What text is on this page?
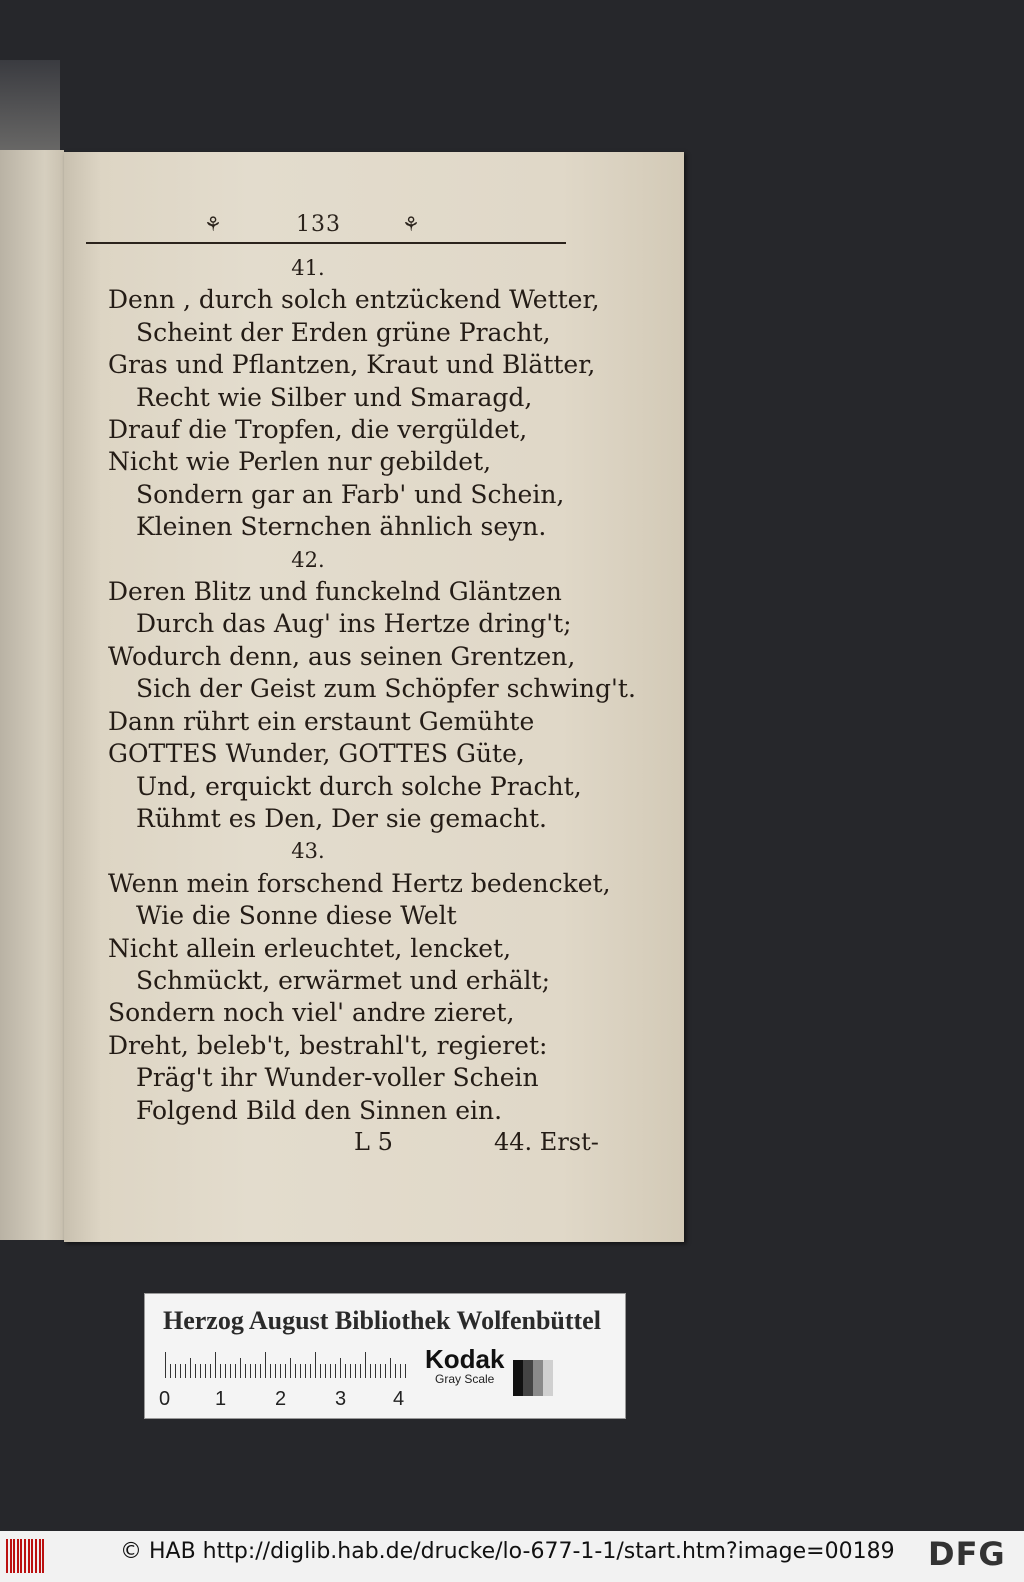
⚘	133	⚘
41.
Denn , durch solch entzückend Wetter,
Scheint der Erden grüne Pracht,
Gras und Pflantzen, Kraut und Blätter,
Recht wie Silber und Smaragd,
Drauf die Tropfen, die vergüldet,
Nicht wie Perlen nur gebildet,
Sondern gar an Farb' und Schein,
Kleinen Sternchen ähnlich seyn.
42.
Deren Blitz und funckelnd Gläntzen
Durch das Aug' ins Hertze dring't;
Wodurch denn, aus seinen Grentzen,
Sich der Geist zum Schöpfer schwing't.
Dann rührt ein erstaunt Gemühte
GOTTES Wunder, GOTTES Güte,
Und, erquickt durch solche Pracht,
Rühmt es Den, Der sie gemacht.
43.
Wenn mein forschend Hertz bedencket,
Wie die Sonne diese Welt
Nicht allein erleuchtet, lencket,
Schmückt, erwärmet und erhält;
Sondern noch viel' andre zieret,
Dreht, beleb't, bestrahl't, regieret:
Präg't ihr Wunder-voller Schein
Folgend Bild den Sinnen ein.
L 5	44. Erst-
Herzog August Bibliothek Wolfenbüttel
0 1 2 3 4
Kodak
Gray Scale
© HAB http://diglib.hab.de/drucke/lo-677-1-1/start.htm?image=00189 DFG
